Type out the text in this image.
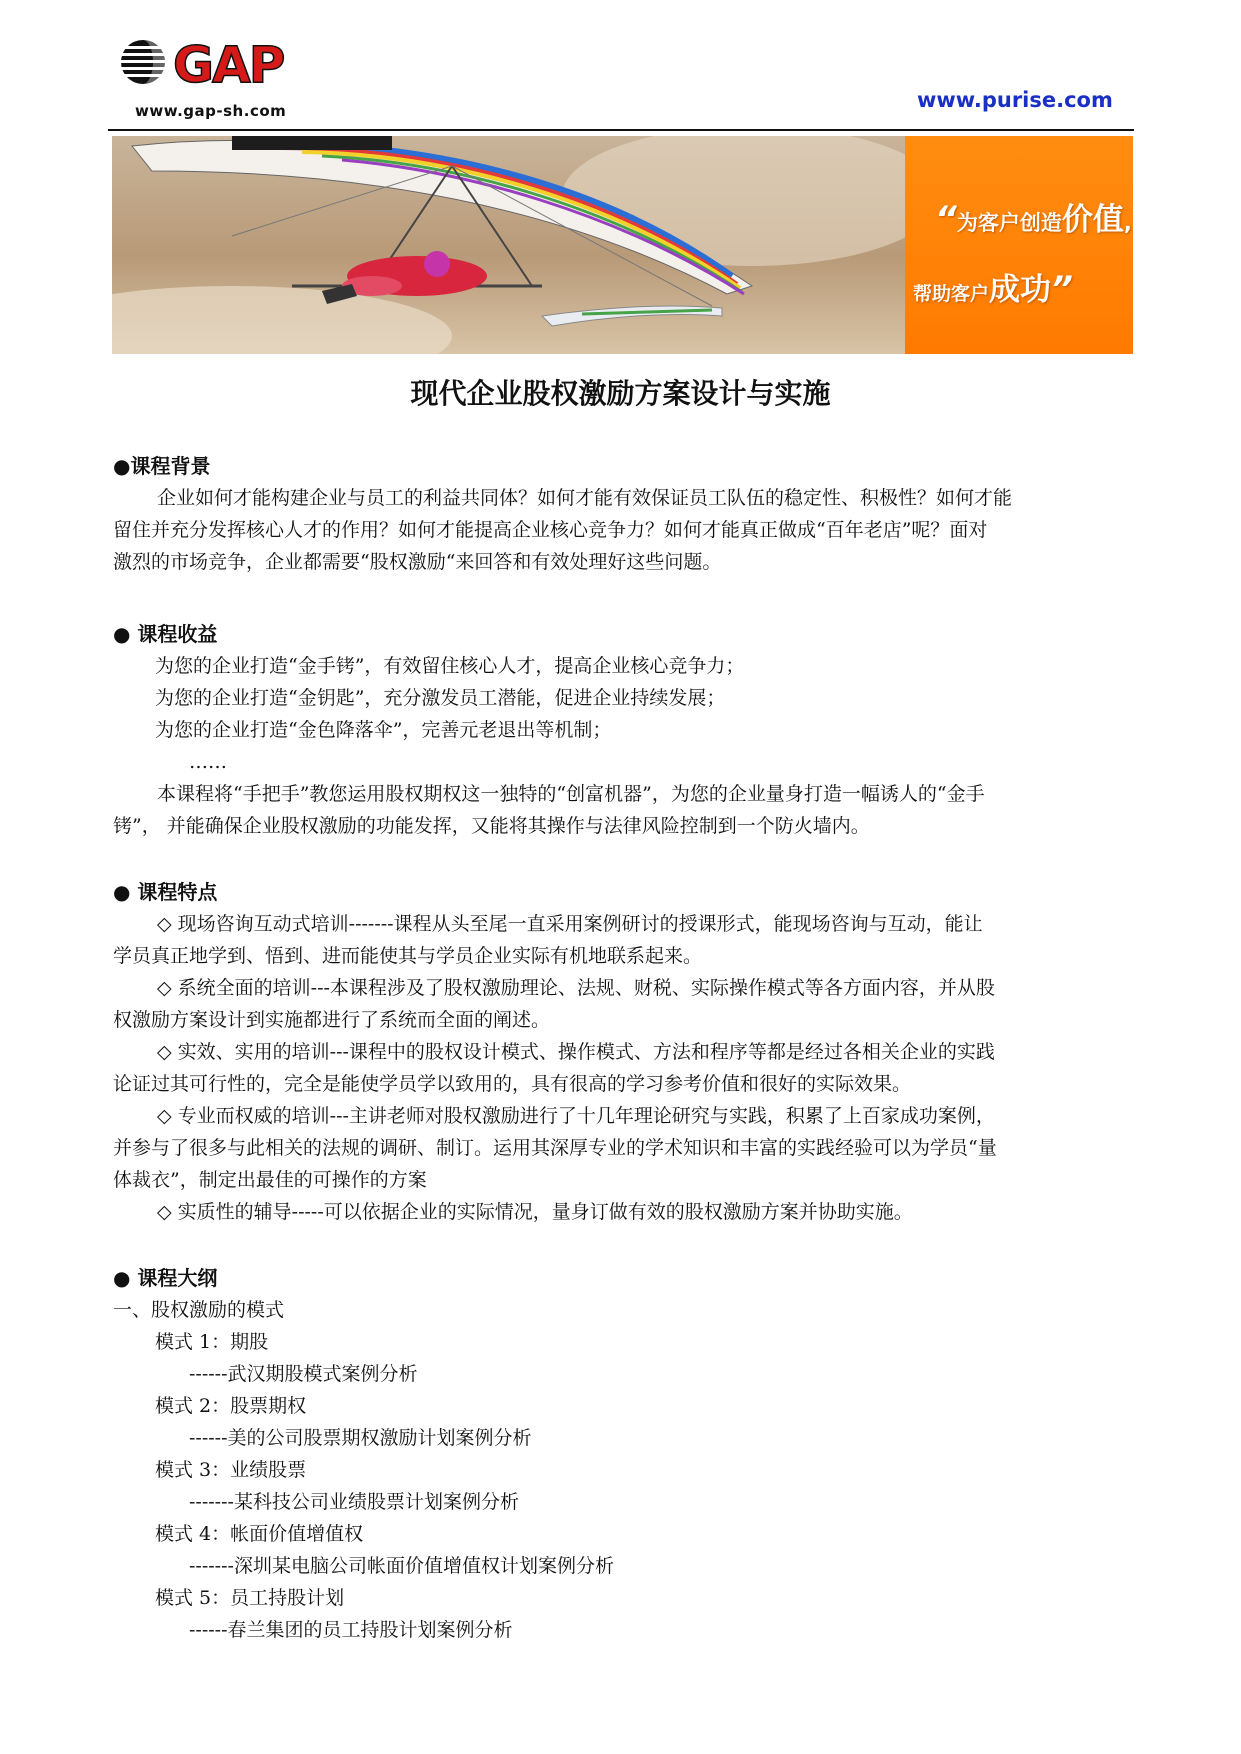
GAP
www.gap-sh.com	www.purise.com
“为客户创造价值,
帮助客户成功”
现代企业股权激励方案设计与实施
●课程背景
企业如何才能构建企业与员工的利益共同体？如何才能有效保证员工队伍的稳定性、积极性？如何才能
留住并充分发挥核心人才的作用？如何才能提高企业核心竞争力？如何才能真正做成“百年老店”呢？面对
激烈的市场竞争，企业都需要“股权激励“来回答和有效处理好这些问题。
● 课程收益
为您的企业打造“金手铐”，有效留住核心人才，提高企业核心竞争力；
为您的企业打造“金钥匙”，充分激发员工潜能，促进企业持续发展；
为您的企业打造“金色降落伞”，完善元老退出等机制；
……
本课程将“手把手”教您运用股权期权这一独特的“创富机器”，为您的企业量身打造一幅诱人的“金手
铐”， 并能确保企业股权激励的功能发挥，又能将其操作与法律风险控制到一个防火墙内。
● 课程特点
◇ 现场咨询互动式培训-------课程从头至尾一直采用案例研讨的授课形式，能现场咨询与互动，能让
学员真正地学到、悟到、进而能使其与学员企业实际有机地联系起来。
◇ 系统全面的培训---本课程涉及了股权激励理论、法规、财税、实际操作模式等各方面内容，并从股
权激励方案设计到实施都进行了系统而全面的阐述。
◇ 实效、实用的培训---课程中的股权设计模式、操作模式、方法和程序等都是经过各相关企业的实践
论证过其可行性的，完全是能使学员学以致用的，具有很高的学习参考价值和很好的实际效果。
◇ 专业而权威的培训---主讲老师对股权激励进行了十几年理论研究与实践，积累了上百家成功案例，
并参与了很多与此相关的法规的调研、制订。运用其深厚专业的学术知识和丰富的实践经验可以为学员“量
体裁衣”，制定出最佳的可操作的方案
◇ 实质性的辅导-----可以依据企业的实际情况，量身订做有效的股权激励方案并协助实施。
● 课程大纲
一、股权激励的模式
模式 1：期股
------武汉期股模式案例分析
模式 2：股票期权
------美的公司股票期权激励计划案例分析
模式 3：业绩股票
-------某科技公司业绩股票计划案例分析
模式 4：帐面价值增值权
-------深圳某电脑公司帐面价值增值权计划案例分析
模式 5：员工持股计划
------春兰集团的员工持股计划案例分析
